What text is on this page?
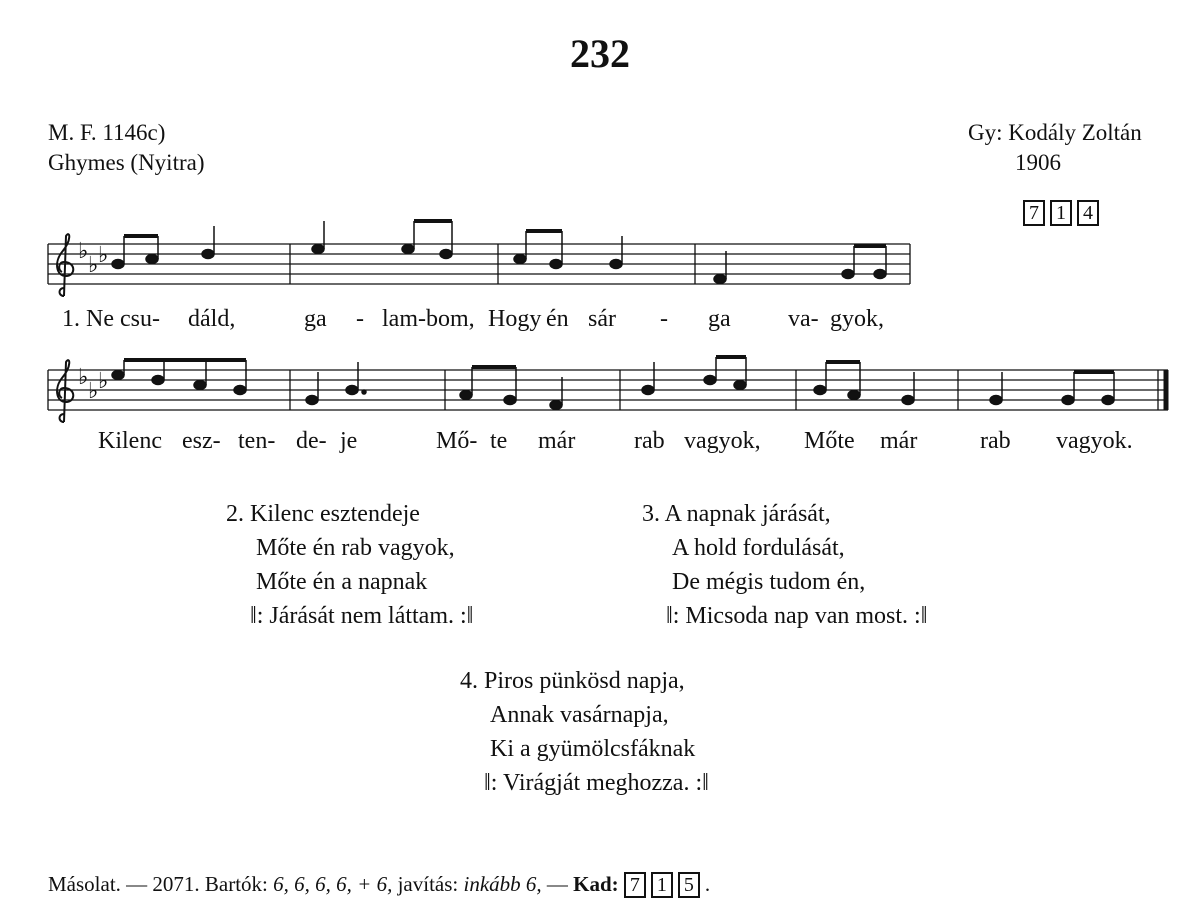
232
M. F. 1146c)
Ghymes (Nyitra)
Gy: Kodály Zoltán
1906

7 1 4

♭
♭ ♭
♭
♭ ♭
1. Ne csu- dáld,	ga - lam-bom, Hogy én sár - ga va- gyok,
Kilenc esz- ten- de- je	Mő- te már rab vagyok, Mőte már	rab vagyok.
2. Kilenc esztendeje
Mőte én rab vagyok,
Mőte én a napnak
‖: Járását nem láttam. :‖
3. A napnak járását,
A hold fordulását,
De mégis tudom én,
‖: Micsoda nap van most. :‖
4. Piros pünkösd napja,
Annak vasárnapja,
Ki a gyümölcsfáknak
‖: Virágját meghozza. :‖
Másolat. — 2071. Bartók: 6, 6, 6, 6, + 6, javítás: inkább 6, — Kad: 7 1 5 .
